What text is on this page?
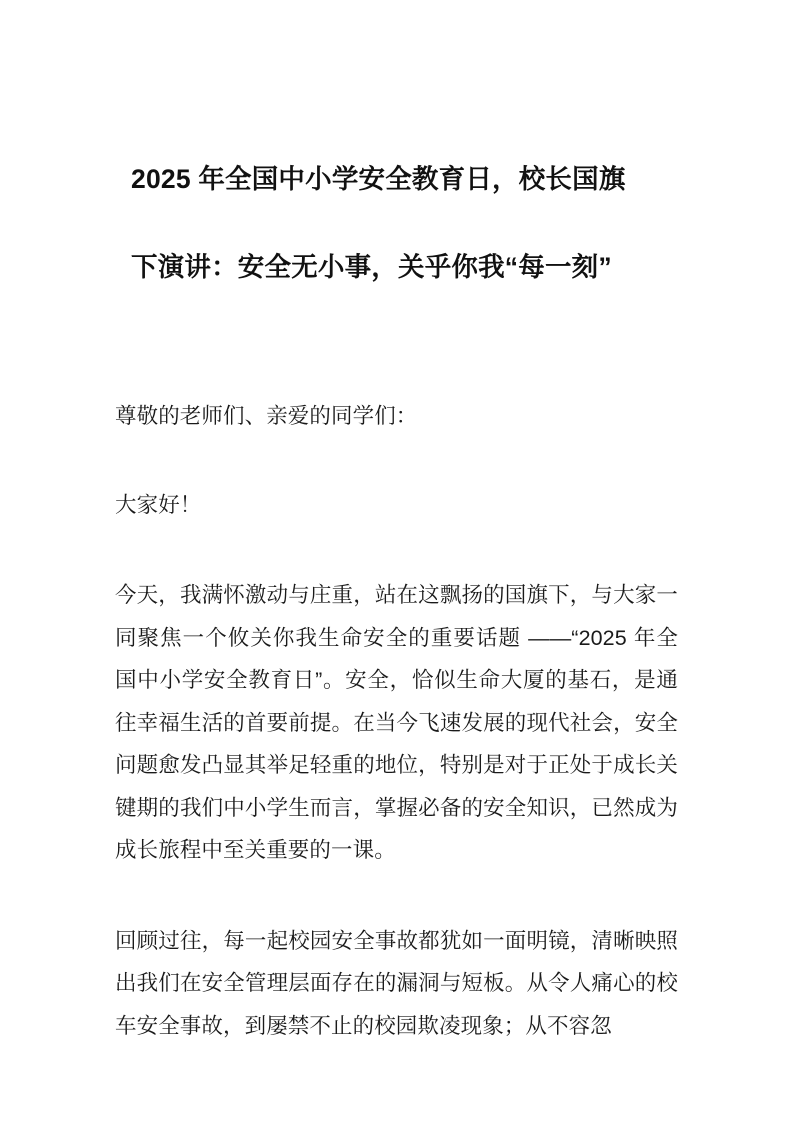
2025 年全国中小学安全教育日，校长国旗
下演讲：安全无小事，关乎你我“每一刻”

尊敬的老师们、亲爱的同学们：

大家好！

今天，我满怀激动与庄重，站在这飘扬的国旗下，与大家一同聚焦一个攸关你我生命安全的重要话题 ——“2025 年全国中小学安全教育日”。安全，恰似生命大厦的基石，是通往幸福生活的首要前提。在当今飞速发展的现代社会，安全问题愈发凸显其举足轻重的地位，特别是对于正处于成长关键期的我们中小学生而言，掌握必备的安全知识，已然成为成长旅程中至关重要的一课。

回顾过往，每一起校园安全事故都犹如一面明镜，清晰映照出我们在安全管理层面存在的漏洞与短板。从令人痛心的校车安全事故，到屡禁不止的校园欺凌现象；从不容忽
